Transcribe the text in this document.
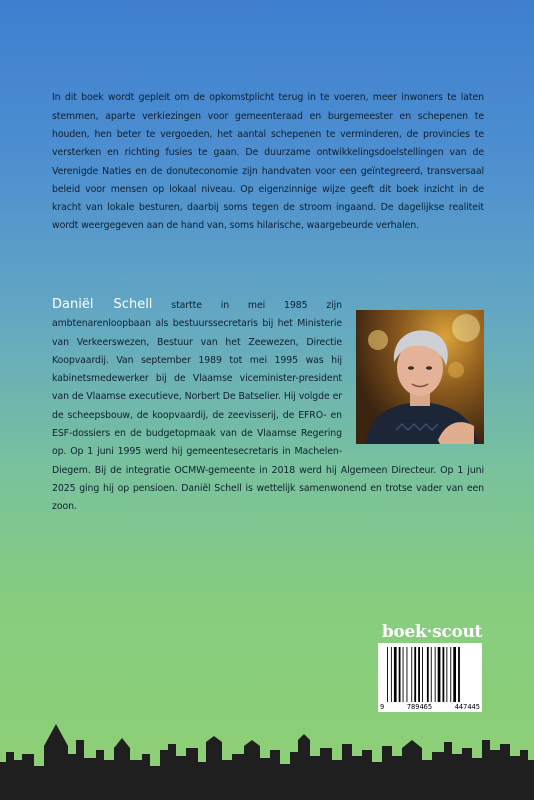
In dit boek wordt gepleit om de opkomstplicht terug in te voeren, meer inwoners te laten stemmen, aparte verkiezingen voor gemeenteraad en burgemeester en schepenen te houden, hen beter te vergoeden, het aantal schepenen te verminderen, de provincies te versterken en richting fusies te gaan. De duurzame ontwikkelingsdoelstellingen van de Verenigde Naties en de donuteconomie zijn handvaten voor een geïntegreerd, transversaal beleid voor mensen op lokaal niveau. Op eigenzinnige wijze geeft dit boek inzicht in de kracht van lokale besturen, daarbij soms tegen de stroom ingaand. De dagelijkse realiteit wordt weergegeven aan de hand van, soms hilarische, waargebeurde verhalen.

Daniël Schell startte in mei 1985 zijn ambtenarenloopbaan als bestuurssecretaris bij het Ministerie van Verkeerswezen, Bestuur van het Zeewezen, Directie Koopvaardij. Van september 1989 tot mei 1995 was hij kabinetsmedewerker bij de Vlaamse viceminister-president van de Vlaamse executieve, Norbert De Batselier. Hij volgde er de scheepsbouw, de koopvaardij, de zeevisserij, de EFRO- en ESF-dossiers en de budgetopmaak van de Vlaamse Regering op. Op 1 juni 1995 werd hij gemeentesecretaris in Machelen-Diegem. Bij de integratie OCMW-gemeente in 2018 werd hij Algemeen Directeur. Op 1 juni 2025 ging hij op pensioen. Daniël Schell is wettelijk samenwonend en trotse vader van een zoon.
boek·scout
9	789465	447445
